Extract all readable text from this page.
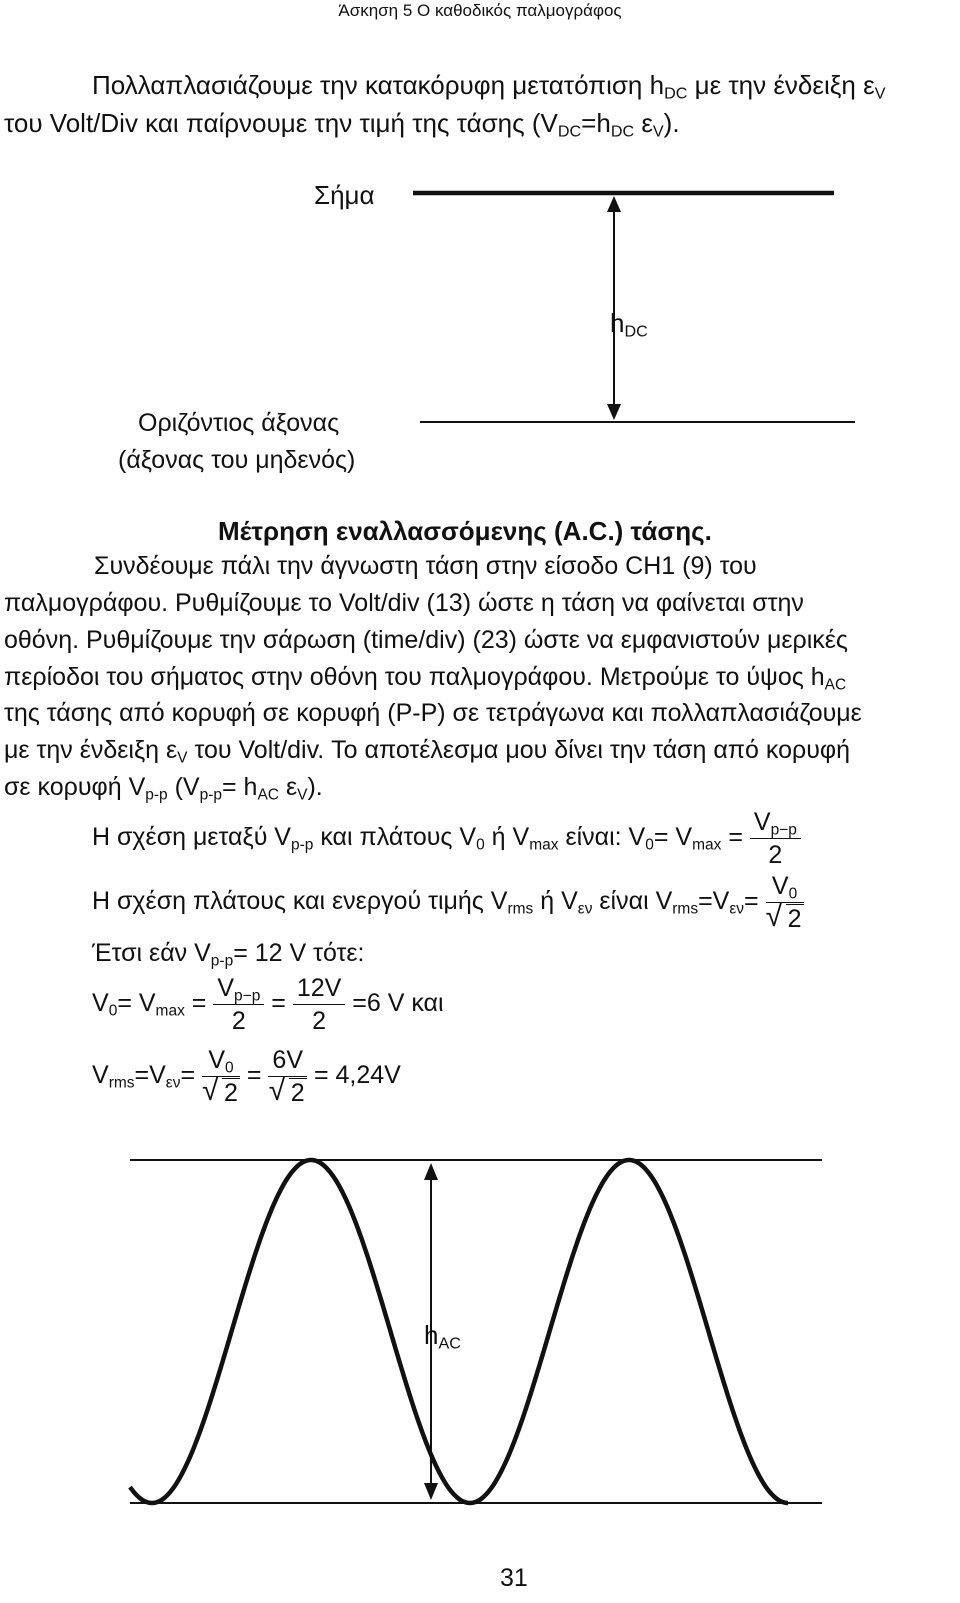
Άσκηση 5 Ο καθοδικός παλμογράφος
Πολλαπλασιάζουμε την κατακόρυφη μετατόπιση $h_{DC}$ με την ένδειξη $\varepsilon_V$
του Volt/Div και παίρνουμε την τιμή της τάσης ($V_{DC}=h_{DC}$ $\varepsilon_V$).
Σήμα
$h_{DC}$
Οριζόντιος άξονας
(άξονας του μηδενός)
Μέτρηση εναλλασσόμενης (A.C.) τάσης.
Συνδέουμε πάλι την άγνωστη τάση στην είσοδο CH1 (9) του
παλμογράφου. Ρυθμίζουμε το Volt/div (13) ώστε η τάση να φαίνεται στην
οθόνη. Ρυθμίζουμε την σάρωση (time/div) (23) ώστε να εμφανιστούν μερικές
περίοδοι του σήματος στην οθόνη του παλμογράφου. Μετρούμε το ύψος $h_{AC}$
της τάσης από κορυφή σε κορυφή (P-P) σε τετράγωνα και πολλαπλασιάζουμε
με την ένδειξη $\varepsilon_V$ του Volt/div. Το αποτέλεσμα μου δίνει την τάση από κορυφή
σε κορυφή $V_{p-p}$ ($V_{p-p}= h_{AC}$ $\varepsilon_V$).
Η σχέση μεταξύ $V_{p-p}$ και πλάτους $V_0$ ή $V_{max}$ είναι: $V_0= V_{max} = \frac{V_{p-p}}{2}$
Η σχέση πλάτους και ενεργού τιμής $V_{rms}$ ή $V_{\varepsilon\nu}$ είναι $V_{rms}=V_{\varepsilon\nu}= V_0$
√ 2
Έτσι εάν $V_{p-p}= 12$ V τότε:
$V_0= V_{max} = \frac{V_{p-p}}{2} = \frac{12V}{2} =6$ V και
$V_{rms}=V_{\varepsilon\nu}= V_0$
√ 2 = 6V
√ 2 = 4,24V
$h_{AC}$
31
